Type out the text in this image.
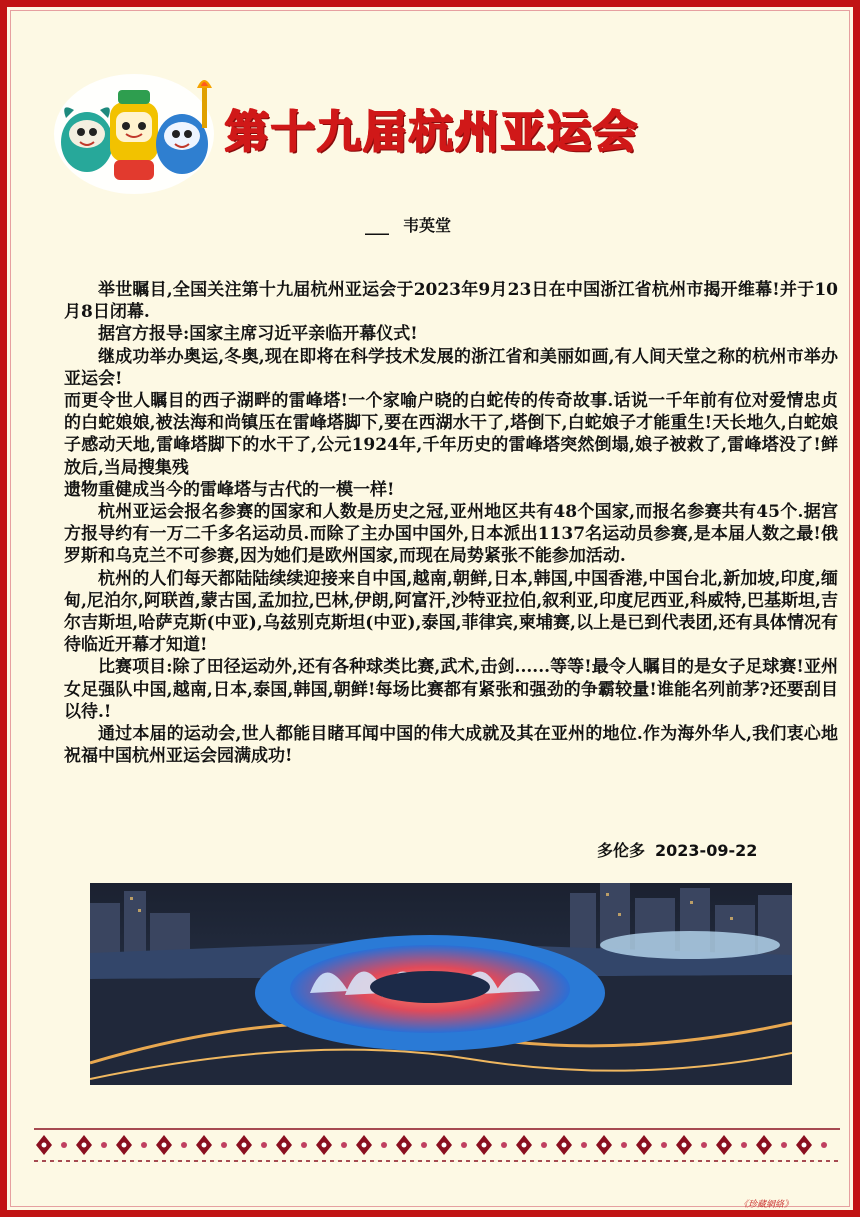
第十九届杭州亚运会
___ 韦英堂

举世瞩目,全国关注第十九届杭州亚运会于2023年9月23日在中国浙江省杭州市揭开维幕!并于10月8日闭幕.

据宫方报导:国家主席习近平亲临开幕仪式!

继成功举办奥运,冬奥,现在即将在科学技术发展的浙江省和美丽如画,有人间天堂之称的杭州市举办亚运会!

而更令世人瞩目的西子湖畔的雷峰塔!一个家喻户晓的白蛇传的传奇故事.话说一千年前有位对爱情忠贞的白蛇娘娘,被法海和尚镇压在雷峰塔脚下,要在西湖水干了,塔倒下,白蛇娘子才能重生!天长地久,白蛇娘子感动天地,雷峰塔脚下的水干了,公元1924年,千年历史的雷峰塔突然倒塌,娘子被救了,雷峰塔没了!鲜放后,当局搜集残

遗物重健成当今的雷峰塔与古代的一模一样!

杭州亚运会报名参赛的国家和人数是历史之冠,亚州地区共有48个国家,而报名参赛共有45个.据宫方报导约有一万二千多名运动员.而除了主办国中国外,日本派出1137名运动员参赛,是本届人数之最!俄罗斯和乌克兰不可参赛,因为她们是欧州国家,而现在局势紧张不能参加活动.

杭州的人们每天都陆陆续续迎接来自中国,越南,朝鲜,日本,韩国,中国香港,中国台北,新加坡,印度,缅甸,尼泊尔,阿联酋,蒙古国,孟加拉,巴林,伊朗,阿富汗,沙特亚拉伯,叙利亚,印度尼西亚,科威特,巴基斯坦,吉尔吉斯坦,哈萨克斯(中亚),乌兹别克斯坦(中亚),泰国,菲律宾,柬埔赛,以上是已到代表团,还有具体情况有待临近开幕才知道!

比赛项目:除了田径运动外,还有各种球类比赛,武术,击剑......等等!最令人瞩目的是女子足球赛!亚州女足强队中国,越南,日本,泰国,韩国,朝鲜!每场比赛都有紧张和强劲的争霸较量!谁能名列前茅?还要刮目以待.!

通过本届的运动会,世人都能目睹耳闻中国的伟大成就及其在亚州的地位.作为海外华人,我们衷心地祝福中国杭州亚运会园满成功!

多伦多 2023-09-22
《珍藏網絡》
